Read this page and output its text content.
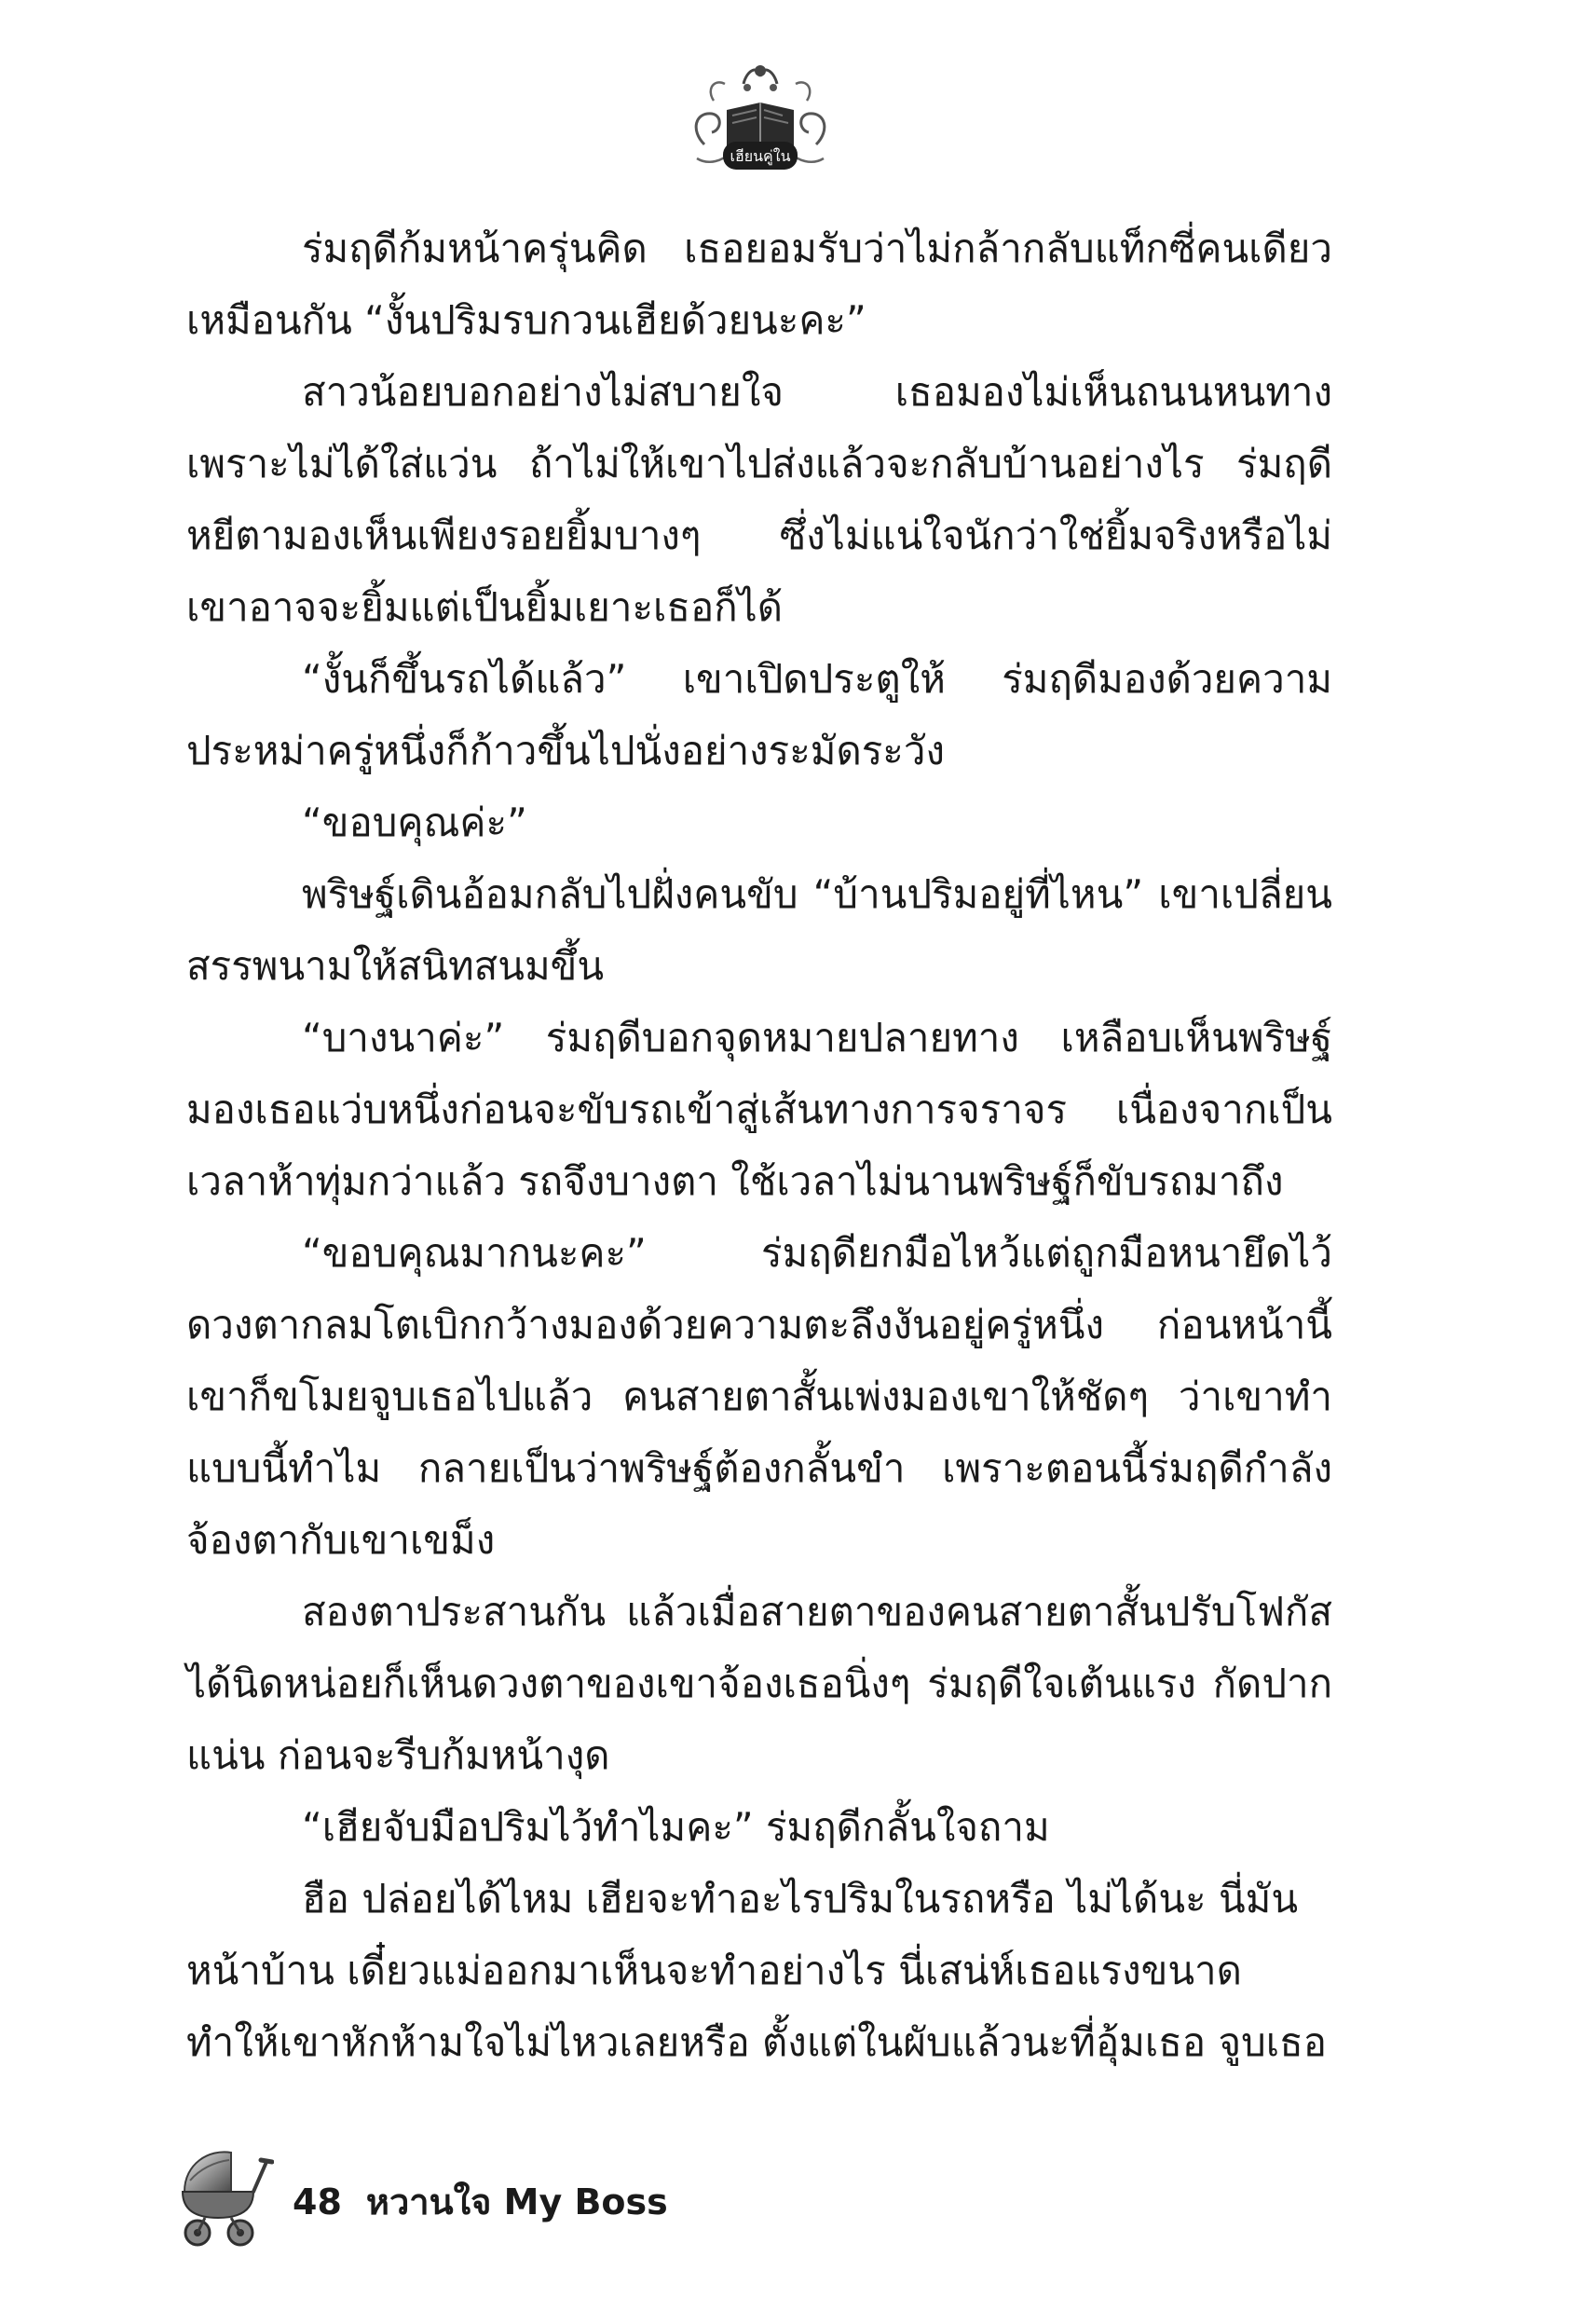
เฮียนคู่ใน

ร่มฤดีก้มหน้าครุ่นคิด เธอยอมรับว่าไม่กล้ากลับแท็กซี่คนเดียวเหมือนกัน “งั้นปริมรบกวนเฮียด้วยนะคะ”

สาวน้อยบอกอย่างไม่สบายใจ เธอมองไม่เห็นถนนหนทางเพราะไม่ได้ใส่แว่น ถ้าไม่ให้เขาไปส่งแล้วจะกลับบ้านอย่างไร ร่มฤดีหยีตามองเห็นเพียงรอยยิ้มบางๆ ซึ่งไม่แน่ใจนักว่าใช่ยิ้มจริงหรือไม่ เขาอาจจะยิ้มแต่เป็นยิ้มเยาะเธอก็ได้

“งั้นก็ขึ้นรถได้แล้ว” เขาเปิดประตูให้ ร่มฤดีมองด้วยความประหม่าครู่หนึ่งก็ก้าวขึ้นไปนั่งอย่างระมัดระวัง

“ขอบคุณค่ะ”

พริษฐ์เดินอ้อมกลับไปฝั่งคนขับ “บ้านปริมอยู่ที่ไหน” เขาเปลี่ยนสรรพนามให้สนิทสนมขึ้น

“บางนาค่ะ” ร่มฤดีบอกจุดหมายปลายทาง เหลือบเห็นพริษฐ์มองเธอแว่บหนึ่งก่อนจะขับรถเข้าสู่เส้นทางการจราจร เนื่องจากเป็นเวลาห้าทุ่มกว่าแล้ว รถจึงบางตา ใช้เวลาไม่นานพริษฐ์ก็ขับรถมาถึง

“ขอบคุณมากนะคะ” ร่มฤดียกมือไหว้แต่ถูกมือหนายึดไว้ ดวงตากลมโตเบิกกว้างมองด้วยความตะลึงงันอยู่ครู่หนึ่ง ก่อนหน้านี้เขาก็ขโมยจูบเธอไปแล้ว คนสายตาสั้นเพ่งมองเขาให้ชัดๆ ว่าเขาทำแบบนี้ทำไม กลายเป็นว่าพริษฐ์ต้องกลั้นขำ เพราะตอนนี้ร่มฤดีกำลังจ้องตากับเขาเขม็ง

สองตาประสานกัน แล้วเมื่อสายตาของคนสายตาสั้นปรับโฟกัสได้นิดหน่อยก็เห็นดวงตาของเขาจ้องเธอนิ่งๆ ร่มฤดีใจเต้นแรง กัดปากแน่น ก่อนจะรีบก้มหน้างุด

“เฮียจับมือปริมไว้ทำไมคะ” ร่มฤดีกลั้นใจถาม

ฮือ ปล่อยได้ไหม เฮียจะทำอะไรปริมในรถหรือ ไม่ได้นะ นี่มันหน้าบ้าน เดี๋ยวแม่ออกมาเห็นจะทำอย่างไร นี่เสน่ห์เธอแรงขนาดทำให้เขาหักห้ามใจไม่ไหวเลยหรือ ตั้งแต่ในผับแล้วนะที่อุ้มเธอ จูบเธอ

48 หวานใจ My Boss
